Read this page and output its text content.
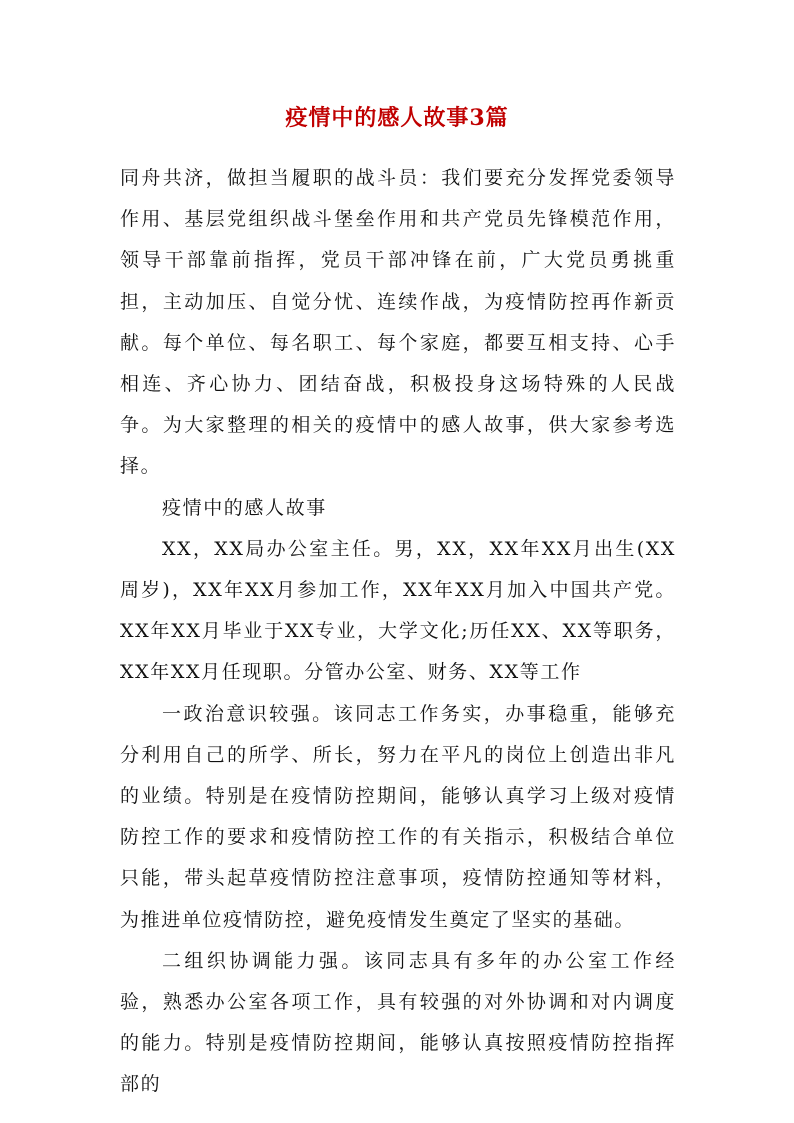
疫情中的感人故事3篇

同舟共济，做担当履职的战斗员：我们要充分发挥党委领导作用、基层党组织战斗堡垒作用和共产党员先锋模范作用，领导干部靠前指挥，党员干部冲锋在前，广大党员勇挑重担，主动加压、自觉分忧、连续作战，为疫情防控再作新贡献。每个单位、每名职工、每个家庭，都要互相支持、心手相连、齐心协力、团结奋战，积极投身这场特殊的人民战争。为大家整理的相关的疫情中的感人故事，供大家参考选择。

疫情中的感人故事

XX，XX局办公室主任。男，XX，XX年XX月出生(XX周岁)，XX年XX月参加工作，XX年XX月加入中国共产党。XX年XX月毕业于XX专业，大学文化;历任XX、XX等职务，XX年XX月任现职。分管办公室、财务、XX等工作

一政治意识较强。该同志工作务实，办事稳重，能够充分利用自己的所学、所长，努力在平凡的岗位上创造出非凡的业绩。特别是在疫情防控期间，能够认真学习上级对疫情防控工作的要求和疫情防控工作的有关指示，积极结合单位只能，带头起草疫情防控注意事项，疫情防控通知等材料，为推进单位疫情防控，避免疫情发生奠定了坚实的基础。

二组织协调能力强。该同志具有多年的办公室工作经验，熟悉办公室各项工作，具有较强的对外协调和对内调度的能力。特别是疫情防控期间，能够认真按照疫情防控指挥部的
